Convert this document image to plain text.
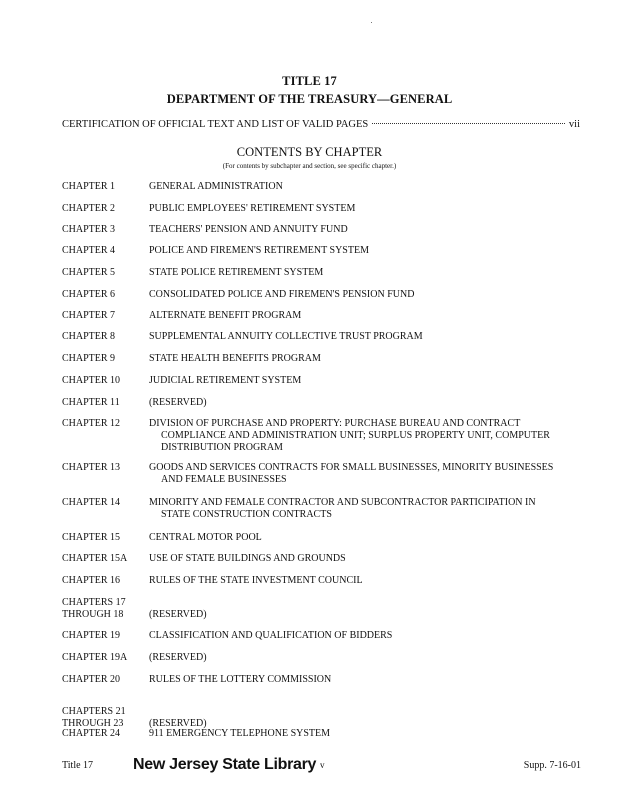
TITLE 17
DEPARTMENT OF THE TREASURY—GENERAL
CERTIFICATION OF OFFICIAL TEXT AND LIST OF VALID PAGES	vii
CONTENTS BY CHAPTER
(For contents by subchapter and section, see specific chapter.)
CHAPTER 1	GENERAL ADMINISTRATION
CHAPTER 2	PUBLIC EMPLOYEES' RETIREMENT SYSTEM
CHAPTER 3	TEACHERS' PENSION AND ANNUITY FUND
CHAPTER 4	POLICE AND FIREMEN'S RETIREMENT SYSTEM
CHAPTER 5	STATE POLICE RETIREMENT SYSTEM
CHAPTER 6	CONSOLIDATED POLICE AND FIREMEN'S PENSION FUND
CHAPTER 7	ALTERNATE BENEFIT PROGRAM
CHAPTER 8	SUPPLEMENTAL ANNUITY COLLECTIVE TRUST PROGRAM
CHAPTER 9	STATE HEALTH BENEFITS PROGRAM
CHAPTER 10	JUDICIAL RETIREMENT SYSTEM
CHAPTER 11	(RESERVED)
CHAPTER 12	DIVISION OF PURCHASE AND PROPERTY: PURCHASE BUREAU AND CONTRACT
COMPLIANCE AND ADMINISTRATION UNIT; SURPLUS PROPERTY UNIT, COMPUTER
DISTRIBUTION PROGRAM
CHAPTER 13	GOODS AND SERVICES CONTRACTS FOR SMALL BUSINESSES, MINORITY BUSINESSES
AND FEMALE BUSINESSES
CHAPTER 14	MINORITY AND FEMALE CONTRACTOR AND SUBCONTRACTOR PARTICIPATION IN
STATE CONSTRUCTION CONTRACTS
CHAPTER 15	CENTRAL MOTOR POOL
CHAPTER 15A	USE OF STATE BUILDINGS AND GROUNDS
CHAPTER 16	RULES OF THE STATE INVESTMENT COUNCIL
CHAPTERS 17
THROUGH 18	(RESERVED)
CHAPTER 19	CLASSIFICATION AND QUALIFICATION OF BIDDERS
CHAPTER 19A	(RESERVED)
CHAPTER 20	RULES OF THE LOTTERY COMMISSION
CHAPTERS 21
THROUGH 23	(RESERVED)
CHAPTER 24	911 EMERGENCY TELEPHONE SYSTEM
Title 17 New Jersey State Library v	Supp. 7-16-01
